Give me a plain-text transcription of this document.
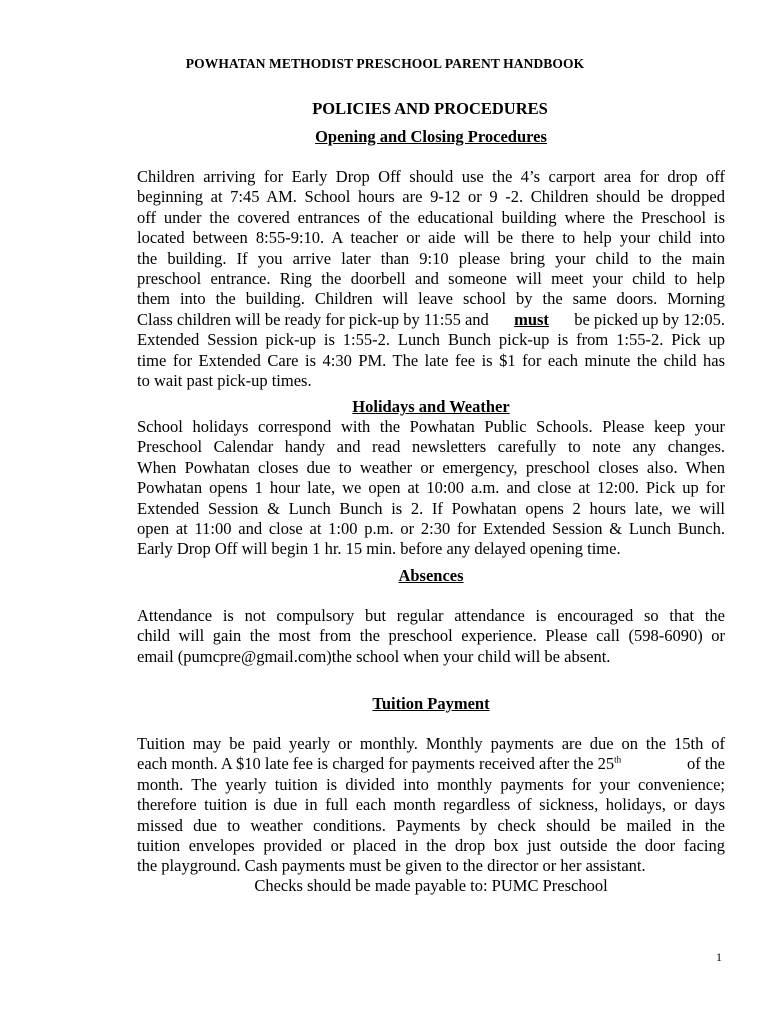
POWHATAN METHODIST PRESCHOOL PARENT HANDBOOK
POLICIES AND PROCEDURES
Opening and Closing Procedures
Children arriving for Early Drop Off should use the 4’s carport area for drop off
beginning at 7:45 AM. School hours are 9-12 or 9 -2. Children should be dropped
off under the covered entrances of the educational building where the Preschool is
located between 8:55-9:10. A teacher or aide will be there to help your child into
the building. If you arrive later than 9:10 please bring your child to the main
preschool entrance. Ring the doorbell and someone will meet your child to help
them into the building. Children will leave school by the same doors. Morning
Class children will be ready for pick-up by 11:55 and must be picked up by 12:05.
Extended Session pick-up is 1:55-2. Lunch Bunch pick-up is from 1:55-2. Pick up
time for Extended Care is 4:30 PM. The late fee is $1 for each minute the child has
to wait past pick-up times.
Holidays and Weather
School holidays correspond with the Powhatan Public Schools. Please keep your
Preschool Calendar handy and read newsletters carefully to note any changes.
When Powhatan closes due to weather or emergency, preschool closes also. When
Powhatan opens 1 hour late, we open at 10:00 a.m. and close at 12:00. Pick up for
Extended Session & Lunch Bunch is 2. If Powhatan opens 2 hours late, we will
open at 11:00 and close at 1:00 p.m. or 2:30 for Extended Session & Lunch Bunch.
Early Drop Off will begin 1 hr. 15 min. before any delayed opening time.
Absences
Attendance is not compulsory but regular attendance is encouraged so that the
child will gain the most from the preschool experience. Please call (598-6090) or
email (pumcpre@gmail.com)the school when your child will be absent.
Tuition Payment
Tuition may be paid yearly or monthly. Monthly payments are due on the 15th of
each month. A $10 late fee is charged for payments received after the 25th	of the
month. The yearly tuition is divided into monthly payments for your convenience;
therefore tuition is due in full each month regardless of sickness, holidays, or days
missed due to weather conditions. Payments by check should be mailed in the
tuition envelopes provided or placed in the drop box just outside the door facing
the playground. Cash payments must be given to the director or her assistant.
Checks should be made payable to: PUMC Preschool
1
